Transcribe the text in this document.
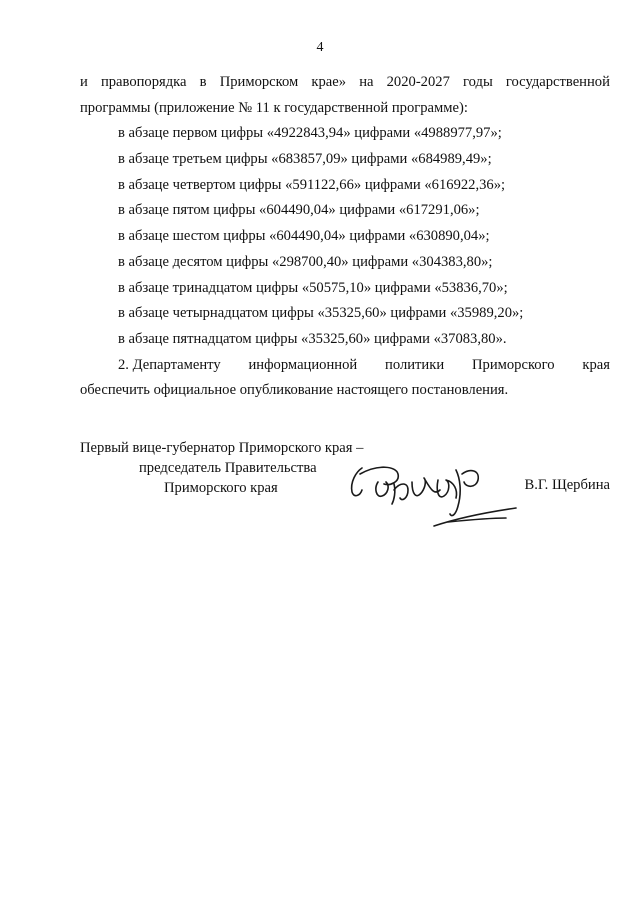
4
и правопорядка в Приморском крае» на 2020-2027 годы государственной
программы (приложение № 11 к государственной программе):
в абзаце первом цифры «4922843,94» цифрами «4988977,97»;
в абзаце третьем цифры «683857,09» цифрами «684989,49»;
в абзаце четвертом цифры «591122,66» цифрами «616922,36»;
в абзаце пятом цифры «604490,04» цифрами «617291,06»;
в абзаце шестом цифры «604490,04» цифрами «630890,04»;
в абзаце десятом цифры «298700,40» цифрами «304383,80»;
в абзаце тринадцатом цифры «50575,10» цифрами «53836,70»;
в абзаце четырнадцатом цифры «35325,60» цифрами «35989,20»;
в абзаце пятнадцатом цифры «35325,60» цифрами «37083,80».
2. Департаменту информационной политики Приморского края
обеспечить официальное опубликование настоящего постановления.
Первый вице-губернатор Приморского края –
председатель Правительства
Приморского края	В.Г. Щербина
